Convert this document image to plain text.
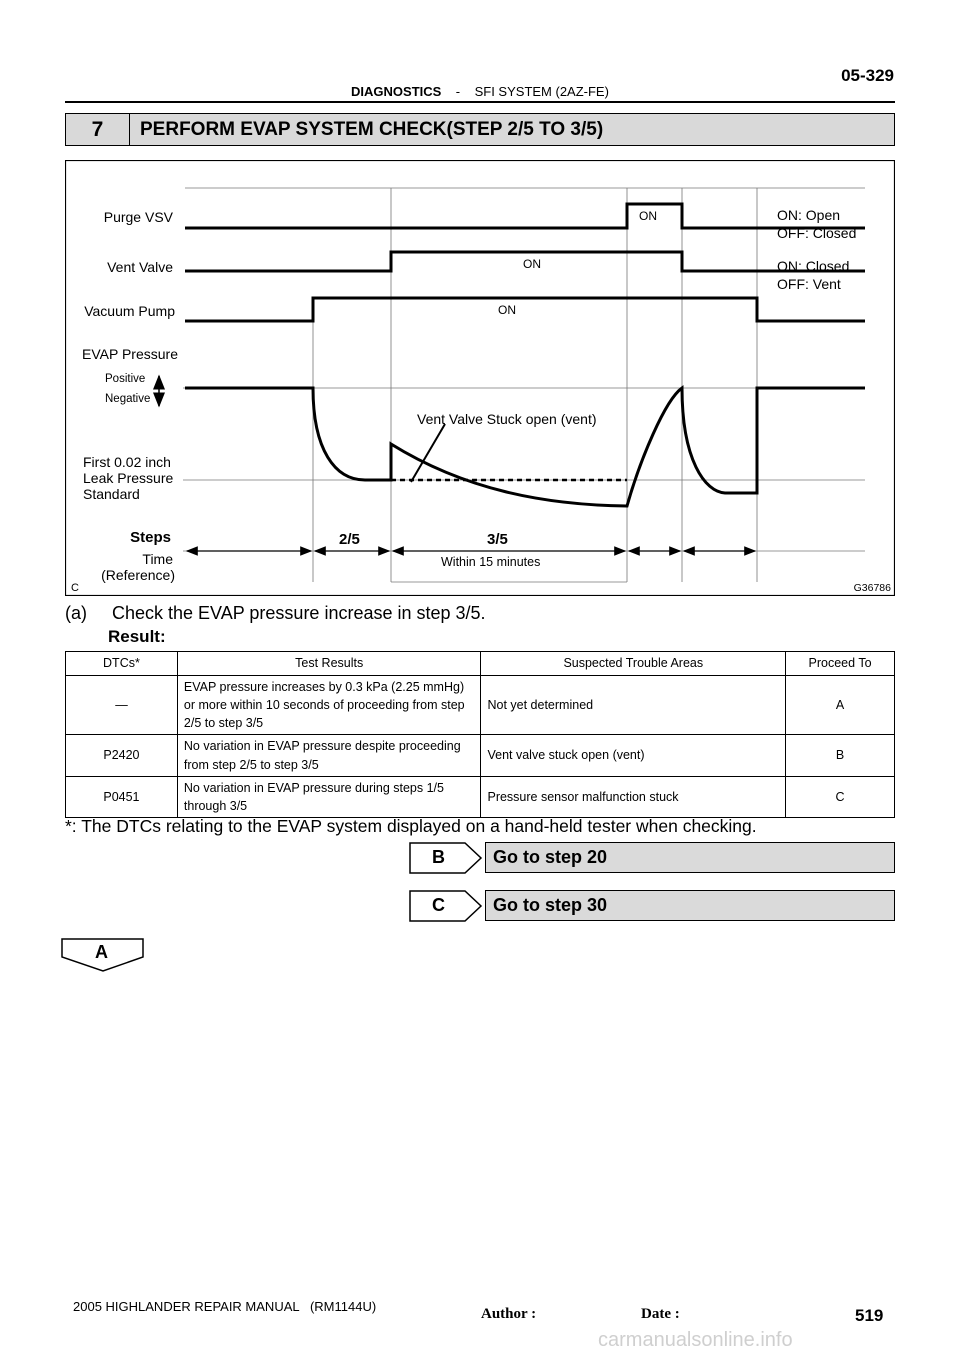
05-329
DIAGNOSTICS - SFI SYSTEM (2AZ-FE)
7	PERFORM EVAP SYSTEM CHECK(STEP 2/5 TO 3/5)
ON
ON
ON
Purge VSV
Vent Valve
Vacuum Pump
EVAP Pressure
Positive
Negative
First 0.02 inch
Leak Pressure
Standard
Steps
Time
(Reference)
C	G36786
ON: Open
OFF: Closed
ON: Closed
OFF: Vent
Vent Valve Stuck open (vent)
2/5	3/5
Within 15 minutes
(a)     Check the EVAP pressure increase in step 3/5.
Result:
DTCs*	Test Results	Suspected Trouble Areas	Proceed To
—	EVAP pressure increases by 0.3 kPa (2.25 mmHg)
or more within 10 seconds of proceeding from step
2/5 to step 3/5	Not yet determined	A
P2420	No variation in EVAP pressure despite proceeding
from step 2/5 to step 3/5	Vent valve stuck open (vent)	B
P0451	No variation in EVAP pressure during steps 1/5
through 3/5	Pressure sensor malfunction stuck	C
*: The DTCs relating to the EVAP system displayed on a hand-held tester when checking.
B	Go to step 20
C	Go to step 30
A
2005 HIGHLANDER REPAIR MANUAL   (RM1144U)	Author :	Date :	519
carmanualsonline.info
